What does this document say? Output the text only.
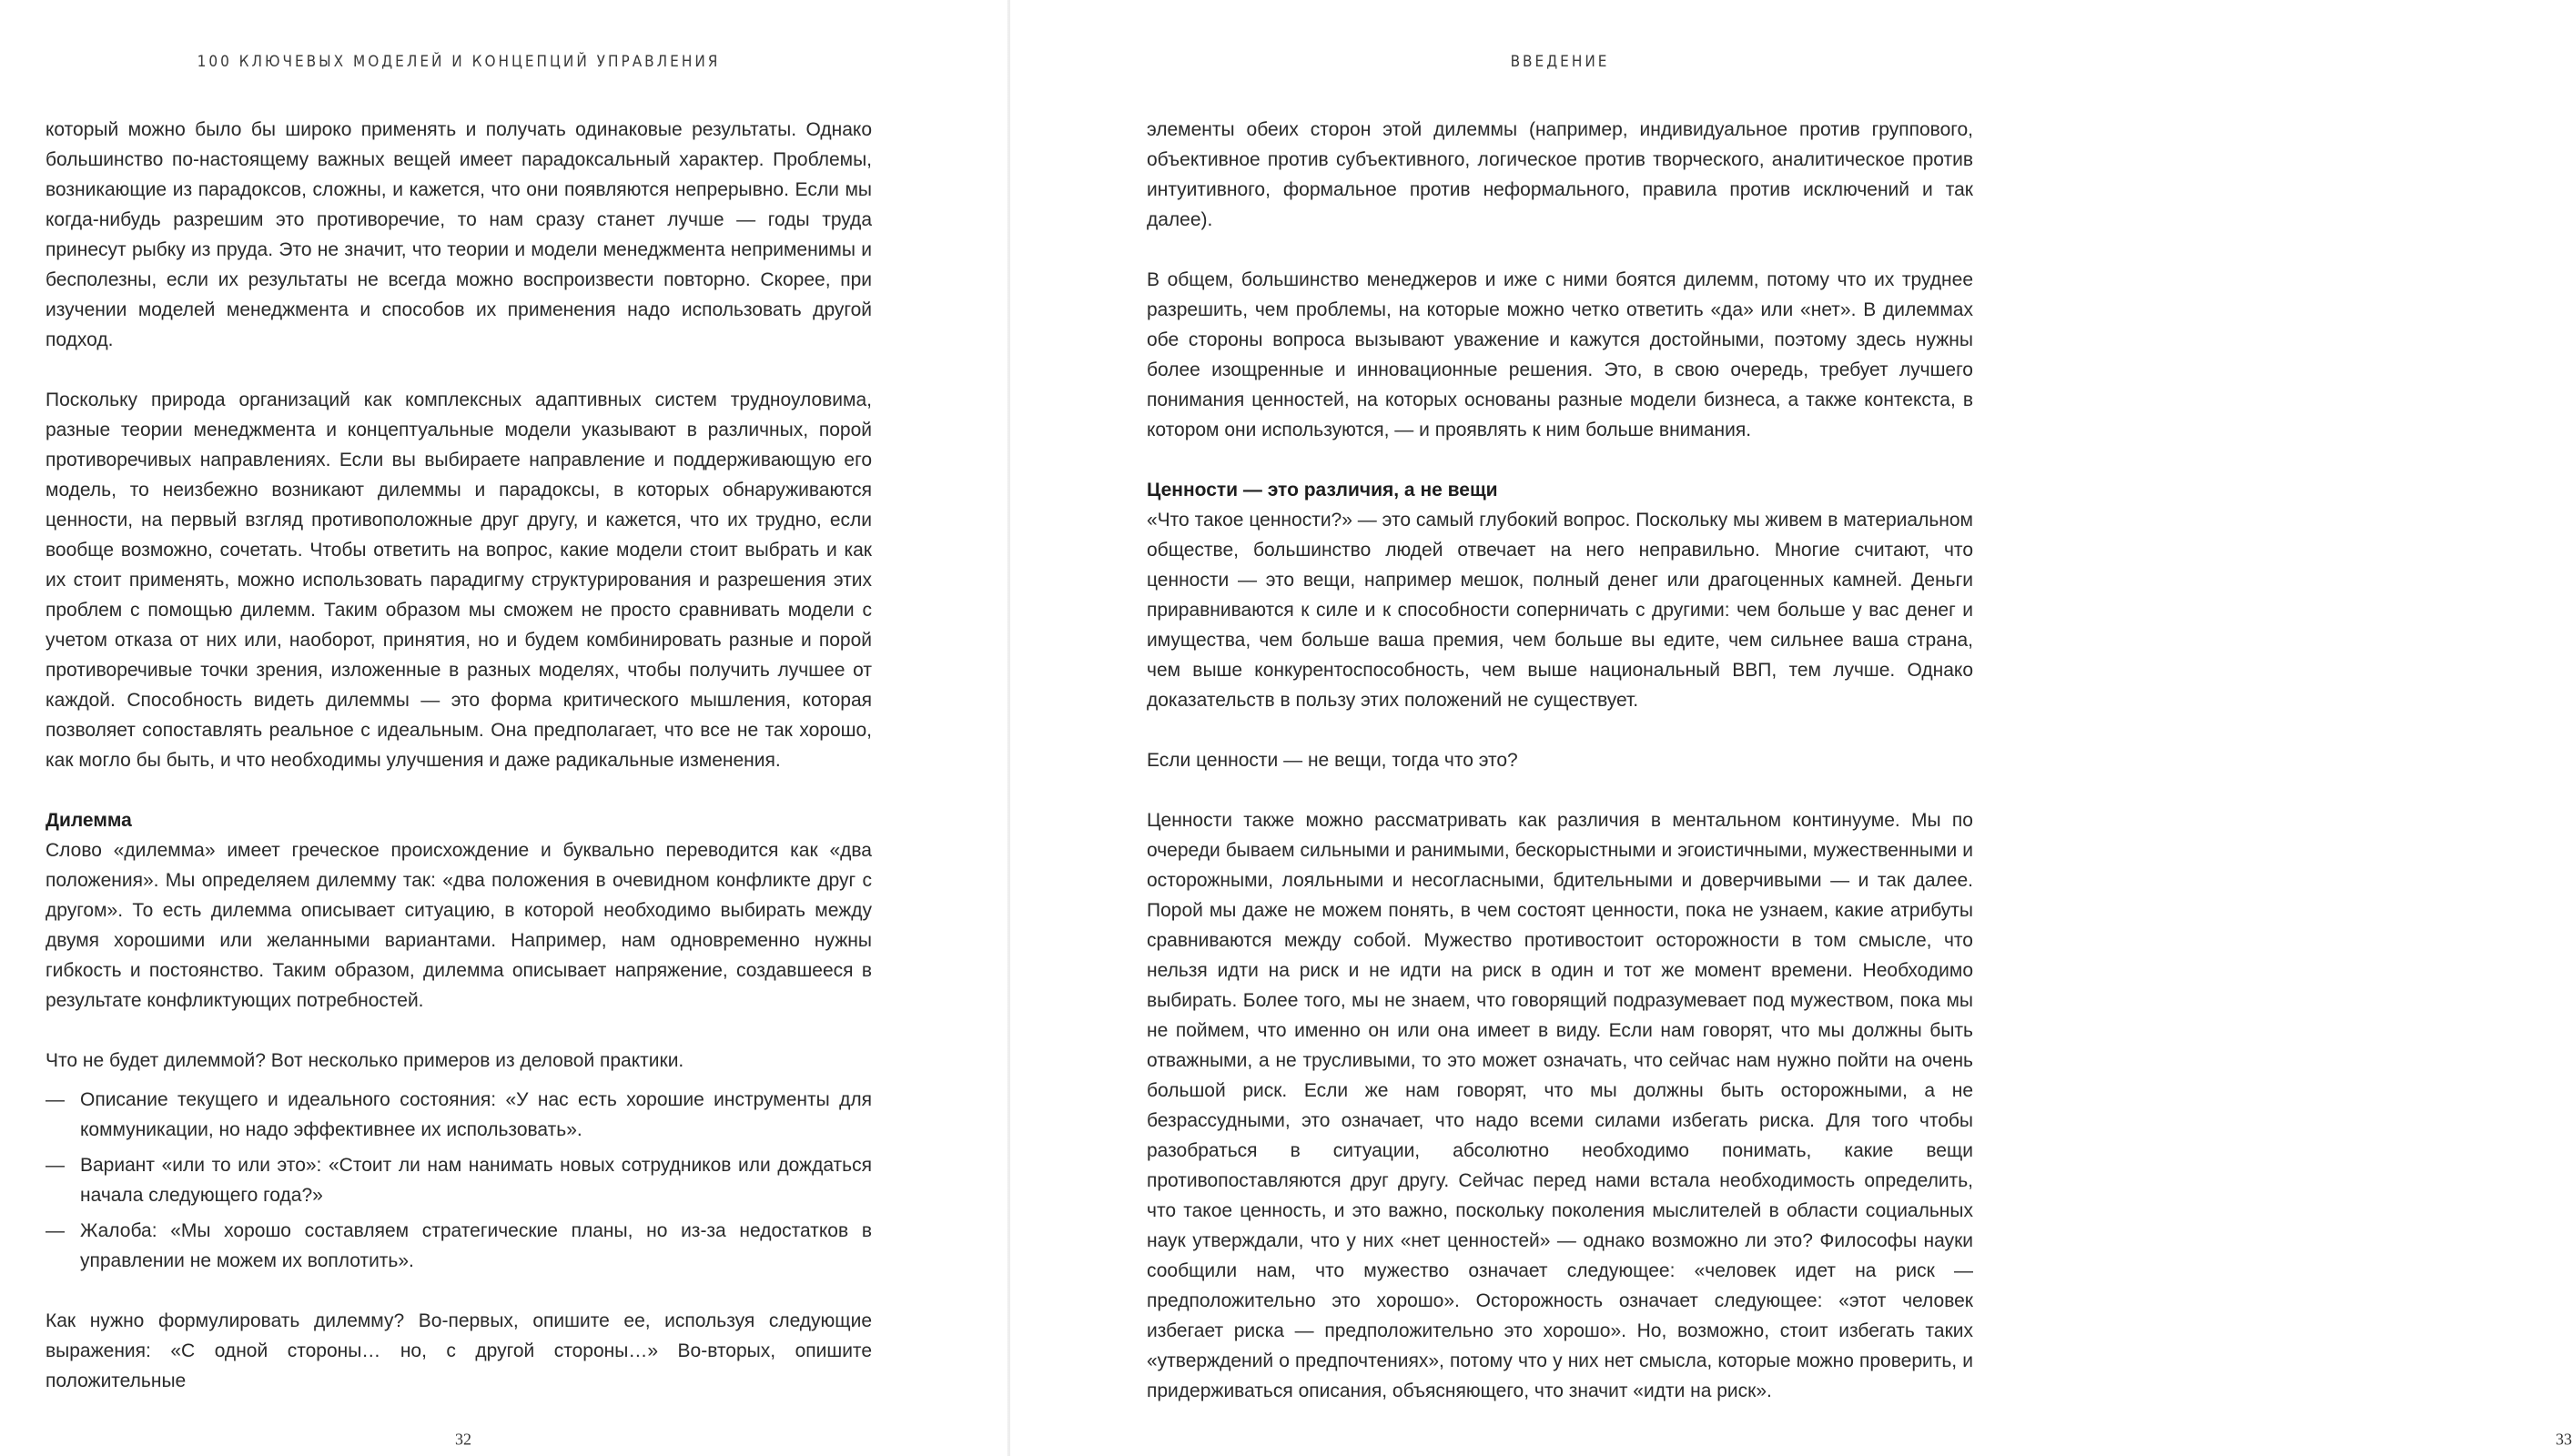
100 КЛЮЧЕВЫХ МОДЕЛЕЙ И КОНЦЕПЦИЙ УПРАВЛЕНИЯ

который можно было бы широко применять и получать одинаковые результаты. Однако большинство по-настоящему важных вещей имеет парадоксальный характер. Проблемы, возникающие из парадоксов, сложны, и кажется, что они появляются непрерывно. Если мы когда-нибудь разрешим это противоречие, то нам сразу станет лучше — годы труда принесут рыбку из пруда. Это не значит, что теории и модели менеджмента неприменимы и бесполезны, если их результаты не всегда можно воспроизвести повторно. Скорее, при изучении моделей менеджмента и способов их применения надо использовать другой подход.

Поскольку природа организаций как комплексных адаптивных систем трудноуловима, разные теории менеджмента и концептуальные модели указывают в различных, порой противоречивых направлениях. Если вы выбираете направление и поддерживающую его модель, то неизбежно возникают дилеммы и парадоксы, в которых обнаруживаются ценности, на первый взгляд противоположные друг другу, и кажется, что их трудно, если вообще возможно, сочетать. Чтобы ответить на вопрос, какие модели стоит выбрать и как их стоит применять, можно использовать парадигму структурирования и разрешения этих проблем с помощью дилемм. Таким образом мы сможем не просто сравнивать модели с учетом отказа от них или, наоборот, принятия, но и будем комбинировать разные и порой противоречивые точки зрения, изложенные в разных моделях, чтобы получить лучшее от каждой. Способность видеть дилеммы — это форма критического мышления, которая позволяет сопоставлять реальное с идеальным. Она предполагает, что все не так хорошо, как могло бы быть, и что необходимы улучшения и даже радикальные изменения.

Дилемма

Слово «дилемма» имеет греческое происхождение и буквально переводится как «два положения». Мы определяем дилемму так: «два положения в очевидном конфликте друг с другом». То есть дилемма описывает ситуацию, в которой необходимо выбирать между двумя хорошими или желанными вариантами. Например, нам одновременно нужны гибкость и постоянство. Таким образом, дилемма описывает напряжение, создавшееся в результате конфликтующих потребностей.

Что не будет дилеммой? Вот несколько примеров из деловой практики.

— Описание текущего и идеального состояния: «У нас есть хорошие инструменты для коммуникации, но надо эффективнее их использовать».
— Вариант «или то или это»: «Стоит ли нам нанимать новых сотрудников или дождаться начала следующего года?»
— Жалоба: «Мы хорошо составляем стратегические планы, но из-за недостатков в управлении не можем их воплотить».

Как нужно формулировать дилемму? Во-первых, опишите ее, используя следующие выражения: «С одной стороны… но, с другой стороны…» Во-вторых, опишите положительные

32
ВВЕДЕНИЕ

элементы обеих сторон этой дилеммы (например, индивидуальное против группового, объективное против субъективного, логическое против творческого, аналитическое против интуитивного, формальное против неформального, правила против исключений и так далее).

В общем, большинство менеджеров и иже с ними боятся дилемм, потому что их труднее разрешить, чем проблемы, на которые можно четко ответить «да» или «нет». В дилеммах обе стороны вопроса вызывают уважение и кажутся достойными, поэтому здесь нужны более изощренные и инновационные решения. Это, в свою очередь, требует лучшего понимания ценностей, на которых основаны разные модели бизнеса, а также контекста, в котором они используются, — и проявлять к ним больше внимания.

Ценности — это различия, а не вещи

«Что такое ценности?» — это самый глубокий вопрос. Поскольку мы живем в материальном обществе, большинство людей отвечает на него неправильно. Многие считают, что ценности — это вещи, например мешок, полный денег или драгоценных камней. Деньги приравниваются к силе и к способности соперничать с другими: чем больше у вас денег и имущества, чем больше ваша премия, чем больше вы едите, чем сильнее ваша страна, чем выше конкурентоспособность, чем выше национальный ВВП, тем лучше. Однако доказательств в пользу этих положений не существует.

Если ценности — не вещи, тогда что это?

Ценности также можно рассматривать как различия в ментальном континууме. Мы по очереди бываем сильными и ранимыми, бескорыстными и эгоистичными, мужественными и осторожными, лояльными и несогласными, бдительными и доверчивыми — и так далее. Порой мы даже не можем понять, в чем состоят ценности, пока не узнаем, какие атрибуты сравниваются между собой. Мужество противостоит осторожности в том смысле, что нельзя идти на риск и не идти на риск в один и тот же момент времени. Необходимо выбирать. Более того, мы не знаем, что говорящий подразумевает под мужеством, пока мы не поймем, что именно он или она имеет в виду. Если нам говорят, что мы должны быть отважными, а не трусливыми, то это может означать, что сейчас нам нужно пойти на очень большой риск. Если же нам говорят, что мы должны быть осторожными, а не безрассудными, это означает, что надо всеми силами избегать риска. Для того чтобы разобраться в ситуации, абсолютно необходимо понимать, какие вещи противопоставляются друг другу. Сейчас перед нами встала необходимость определить, что такое ценность, и это важно, поскольку поколения мыслителей в области социальных наук утверждали, что у них «нет ценностей» — однако возможно ли это? Философы науки сообщили нам, что мужество означает следующее: «человек идет на риск — предположительно это хорошо». Осторожность означает следующее: «этот человек избегает риска — предположительно это хорошо». Но, возможно, стоит избегать таких «утверждений о предпочтениях», потому что у них нет смысла, которые можно проверить, и придерживаться описания, объясняющего, что значит «идти на риск».

33
